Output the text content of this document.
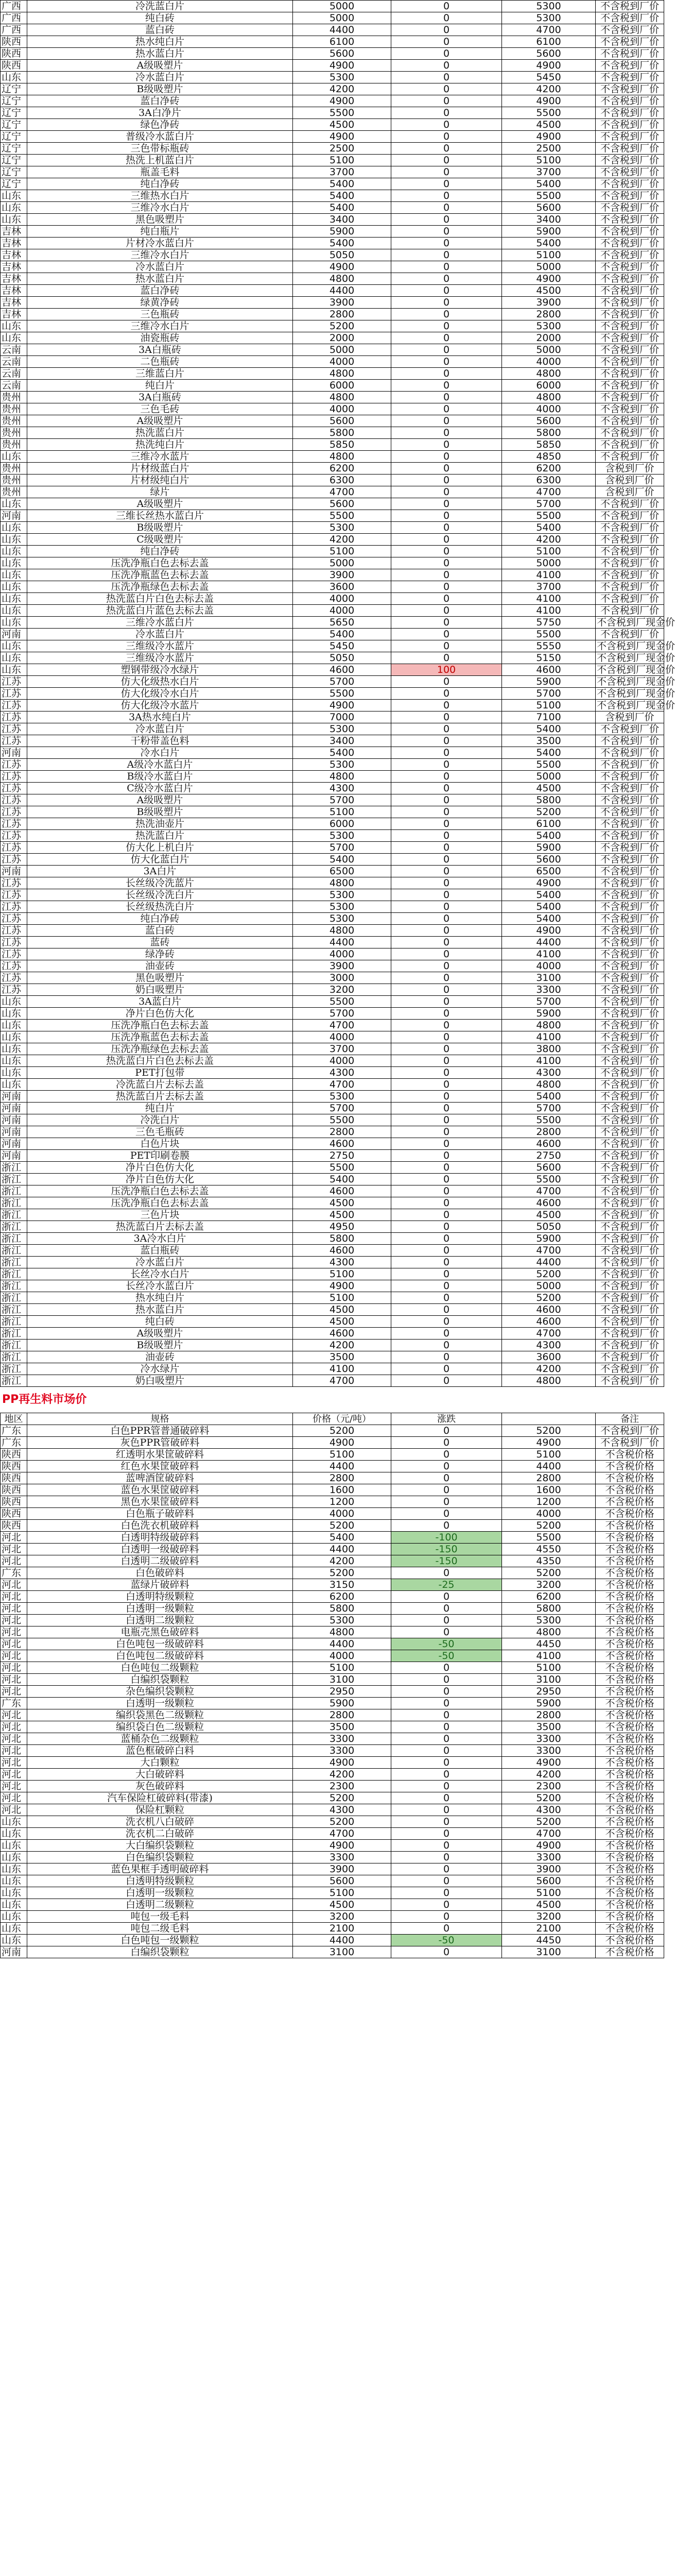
广西	冷洗蓝白片	5000	0	5300	不含税到厂价
广西	纯白砖	5000	0	5300	不含税到厂价
广西	蓝白砖	4400	0	4700	不含税到厂价
陕西	热水纯白片	6100	0	6100	不含税到厂价
陕西	热水蓝白片	5600	0	5600	不含税到厂价
陕西	A级吸塑片	4900	0	4900	不含税到厂价
山东	冷水蓝白片	5300	0	5450	不含税到厂价
辽宁	B级吸塑片	4200	0	4200	不含税到厂价
辽宁	蓝白净砖	4900	0	4900	不含税到厂价
辽宁	3A白净片	5500	0	5500	不含税到厂价
辽宁	绿色净砖	4500	0	4500	不含税到厂价
辽宁	普级冷水蓝白片	4900	0	4900	不含税到厂价
辽宁	三色带标瓶砖	2500	0	2500	不含税到厂价
辽宁	热洗上机蓝白片	5100	0	5100	不含税到厂价
辽宁	瓶盖毛料	3700	0	3700	不含税到厂价
辽宁	纯白净砖	5400	0	5400	不含税到厂价
山东	三维热水白片	5400	0	5500	不含税到厂价
山东	三维冷水白片	5400	0	5600	不含税到厂价
山东	黑色吸塑片	3400	0	3400	不含税到厂价
吉林	纯白瓶片	5900	0	5900	不含税到厂价
吉林	片材冷水蓝白片	5400	0	5400	不含税到厂价
吉林	三维冷水白片	5050	0	5100	不含税到厂价
吉林	冷水蓝白片	4900	0	5000	不含税到厂价
吉林	热水蓝白片	4800	0	4900	不含税到厂价
吉林	蓝白净砖	4400	0	4500	不含税到厂价
吉林	绿黄净砖	3900	0	3900	不含税到厂价
吉林	三色瓶砖	2800	0	2800	不含税到厂价
山东	三维冷水白片	5200	0	5300	不含税到厂价
山东	油瓷瓶砖	2000	0	2000	不含税到厂价
云南	3A白瓶砖	5000	0	5000	不含税到厂价
云南	二色瓶砖	4000	0	4000	不含税到厂价
云南	三维蓝白片	4800	0	4800	不含税到厂价
云南	纯白片	6000	0	6000	不含税到厂价
贵州	3A白瓶砖	4800	0	4800	不含税到厂价
贵州	三色毛砖	4000	0	4000	不含税到厂价
贵州	A级吸塑片	5600	0	5600	不含税到厂价
贵州	热洗蓝白片	5800	0	5800	不含税到厂价
贵州	热洗纯白片	5850	0	5850	不含税到厂价
山东	三维冷水蓝片	4800	0	4850	不含税到厂价
贵州	片材级蓝白片	6200	0	6200	含税到厂价
贵州	片材级纯白片	6300	0	6300	含税到厂价
贵州	绿片	4700	0	4700	含税到厂价
山东	A级吸塑片	5600	0	5700	不含税到厂价
河南	三维长丝热水蓝白片	5500	0	5500	不含税到厂价
山东	B级吸塑片	5300	0	5400	不含税到厂价
山东	C级吸塑片	4200	0	4200	不含税到厂价
山东	纯白净砖	5100	0	5100	不含税到厂价
山东	压洗净瓶白色去标去盖	5000	0	5000	不含税到厂价
山东	压洗净瓶蓝色去标去盖	3900	0	4100	不含税到厂价
山东	压洗净瓶绿色去标去盖	3600	0	3700	不含税到厂价
山东	热洗蓝白片白色去标去盖	4000	0	4100	不含税到厂价
山东	热洗蓝白片蓝色去标去盖	4000	0	4100	不含税到厂价
山东	三维冷水蓝白片	5650	0	5750	不含税到厂现金价
河南	冷水蓝白片	5400	0	5500	不含税到厂价
山东	三维级冷水蓝片	5450	0	5550	不含税到厂现金价
山东	三维级冷水蓝片	5050	0	5150	不含税到厂现金价
山东	塑钢带级冷水绿片	4600	100	4600	不含税到厂现金价
江苏	仿大化级热水白片	5700	0	5900	不含税到厂现金价
江苏	仿大化级冷水白片	5500	0	5700	不含税到厂现金价
江苏	仿大化级冷水蓝片	4900	0	5100	不含税到厂现金价
江苏	3A热水纯白片	7000	0	7100	含税到厂价
江苏	冷水蓝白片	5300	0	5400	不含税到厂价
江苏	干粉带盖色料	3400	0	3500	不含税到厂价
河南	冷水白片	5400	0	5400	不含税到厂价
江苏	A级冷水蓝白片	5300	0	5500	不含税到厂价
江苏	B级冷水蓝白片	4800	0	5000	不含税到厂价
江苏	C级冷水蓝白片	4300	0	4500	不含税到厂价
江苏	A级吸塑片	5700	0	5800	不含税到厂价
江苏	B级吸塑片	5100	0	5200	不含税到厂价
江苏	热洗油壶片	6000	0	6100	不含税到厂价
江苏	热洗蓝白片	5300	0	5400	不含税到厂价
江苏	仿大化上机白片	5700	0	5900	不含税到厂价
江苏	仿大化蓝白片	5400	0	5600	不含税到厂价
河南	3A白片	6500	0	6500	不含税到厂价
江苏	长丝级冷洗蓝片	4800	0	4900	不含税到厂价
江苏	长丝级冷洗白片	5300	0	5400	不含税到厂价
江苏	长丝级热洗白片	5300	0	5400	不含税到厂价
江苏	纯白净砖	5300	0	5400	不含税到厂价
江苏	蓝白砖	4800	0	4900	不含税到厂价
江苏	蓝砖	4400	0	4400	不含税到厂价
江苏	绿净砖	4000	0	4100	不含税到厂价
江苏	油壶砖	3900	0	4000	不含税到厂价
江苏	黑色吸塑片	3000	0	3100	不含税到厂价
江苏	奶白吸塑片	3200	0	3300	不含税到厂价
山东	3A蓝白片	5500	0	5700	不含税到厂价
山东	净片白色仿大化	5700	0	5900	不含税到厂价
山东	压洗净瓶白色去标去盖	4700	0	4800	不含税到厂价
山东	压洗净瓶蓝色去标去盖	4000	0	4100	不含税到厂价
山东	压洗净瓶绿色去标去盖	3700	0	3800	不含税到厂价
山东	热洗蓝白片白色去标去盖	4000	0	4100	不含税到厂价
山东	PET打包带	4300	0	4300	不含税到厂价
山东	冷洗蓝白片去标去盖	4700	0	4800	不含税到厂价
河南	热洗蓝白片去标去盖	5300	0	5400	不含税到厂价
河南	纯白片	5700	0	5700	不含税到厂价
河南	冷洗白片	5500	0	5500	不含税到厂价
河南	三色毛瓶砖	2800	0	2800	不含税到厂价
河南	白色片块	4600	0	4600	不含税到厂价
河南	PET印刷卷膜	2750	0	2750	不含税到厂价
浙江	净片白色仿大化	5500	0	5600	不含税到厂价
浙江	净片白色仿大化	5400	0	5500	不含税到厂价
浙江	压洗净瓶白色去标去盖	4600	0	4700	不含税到厂价
浙江	压洗净瓶白色去标去盖	4500	0	4600	不含税到厂价
浙江	三色片块	4500	0	4500	不含税到厂价
浙江	热洗蓝白片去标去盖	4950	0	5050	不含税到厂价
浙江	3A冷水白片	5800	0	5900	不含税到厂价
浙江	蓝白瓶砖	4600	0	4700	不含税到厂价
浙江	冷水蓝白片	4300	0	4400	不含税到厂价
浙江	长丝冷水白片	5100	0	5200	不含税到厂价
浙江	长丝冷水蓝白片	4900	0	5000	不含税到厂价
浙江	热水纯白片	5100	0	5200	不含税到厂价
浙江	热水蓝白片	4500	0	4600	不含税到厂价
浙江	纯白砖	4500	0	4600	不含税到厂价
浙江	A级吸塑片	4600	0	4700	不含税到厂价
浙江	B级吸塑片	4200	0	4300	不含税到厂价
浙江	油壶砖	3500	0	3600	不含税到厂价
浙江	冷水绿片	4100	0	4200	不含税到厂价
浙江	奶白吸塑片	4700	0	4800	不含税到厂价
PP再生料市场价
地区	规格	价格（元/吨）	涨跌		备注
广东	白色PPR管普通破碎料	5200	0	5200	不含税到厂价
广东	灰色PPR管破碎料	4900	0	4900	不含税到厂价
陕西	红透明水果筐破碎料	5100	0	5100	不含税价格
陕西	红色水果筐破碎料	4400	0	4400	不含税价格
陕西	蓝啤酒筐破碎料	2800	0	2800	不含税价格
陕西	蓝色水果筐破碎料	1600	0	1600	不含税价格
陕西	黑色水果筐破碎料	1200	0	1200	不含税价格
陕西	白色瓶子破碎料	4000	0	4000	不含税价格
陕西	白色洗衣机破碎料	5200	0	5200	不含税价格
河北	白透明特级破碎料	5400	-100	5500	不含税价格
河北	白透明一级破碎料	4400	-150	4550	不含税价格
河北	白透明二级破碎料	4200	-150	4350	不含税价格
广东	白色破碎料	5200	0	5200	不含税价格
河北	蓝绿片破碎料	3150	-25	3200	不含税价格
河北	白透明特级颗粒	6200	0	6200	不含税价格
河北	白透明一级颗粒	5800	0	5800	不含税价格
河北	白透明二级颗粒	5300	0	5300	不含税价格
河北	电瓶壳黑色破碎料	4800	0	4800	不含税价格
河北	白色吨包一级破碎料	4400	-50	4450	不含税价格
河北	白色吨包二级破碎料	4000	-50	4100	不含税价格
河北	白色吨包二级颗粒	5100	0	5100	不含税价格
河北	白编织袋颗粒	3100	0	3100	不含税价格
河北	杂色编织袋颗粒	2950	0	2950	不含税价格
广东	白透明一级颗粒	5900	0	5900	不含税价格
河北	编织袋黑色二级颗粒	2800	0	2800	不含税价格
河北	编织袋白色二级颗粒	3500	0	3500	不含税价格
河北	蓝桶杂色二级颗粒	3300	0	3300	不含税价格
河北	蓝色框破碎白料	3300	0	3300	不含税价格
河北	大白颗粒	4900	0	4900	不含税价格
河北	大白破碎料	4200	0	4200	不含税价格
河北	灰色破碎料	2300	0	2300	不含税价格
河北	汽车保险杠破碎料(带漆)	5200	0	5200	不含税价格
河北	保险杠颗粒	4300	0	4300	不含税价格
山东	洗衣机八白破碎	5200	0	5200	不含税价格
山东	洗衣机二白破碎	4700	0	4700	不含税价格
山东	大白编织袋颗粒	4900	0	4900	不含税价格
山东	白色编织袋颗粒	3300	0	3300	不含税价格
山东	蓝色果框手透明破碎料	3900	0	3900	不含税价格
山东	白透明特级颗粒	5600	0	5600	不含税价格
山东	白透明一级颗粒	5100	0	5100	不含税价格
山东	白透明二级颗粒	4500	0	4500	不含税价格
山东	吨包一级毛料	3200	0	3200	不含税价格
山东	吨包二级毛料	2100	0	2100	不含税价格
山东	白色吨包一级颗粒	4400	-50	4450	不含税价格
河南	白编织袋颗粒	3100	0	3100	不含税价格
